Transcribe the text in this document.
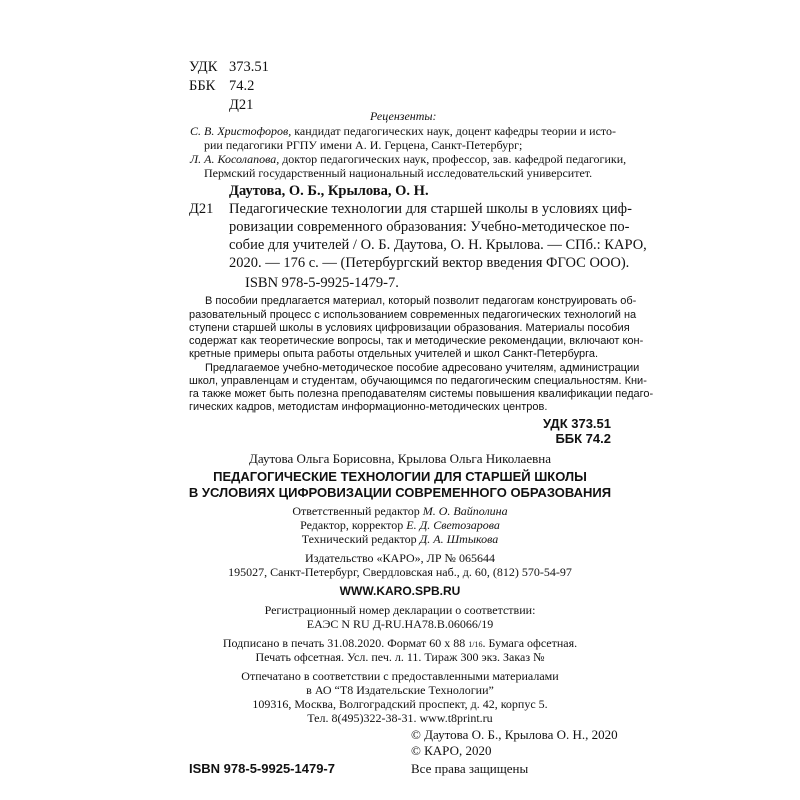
УДК 373.51
ББК 74.2
Д21
Рецензенты:
С. В. Христофоров, кандидат педагогических наук, доцент кафедры теории и исто-
рии педагогики РГПУ имени А. И. Герцена, Санкт-Петербург;
Л. А. Косолапова, доктор педагогических наук, профессор, зав. кафедрой педагогики,
Пермский государственный национальный исследовательский университет.
Даутова, О. Б., Крылова, О. Н.
Д21 Педагогические технологии для старшей школы в условиях циф-
ровизации современного образования: Учебно-методическое по-
собие для учителей / О. Б. Даутова, О. Н. Крылова. — СПб.: КАРО,
2020. — 176 с. — (Петербургский вектор введения ФГОС ООО).
ISBN 978-5-9925-1479-7.
В пособии предлагается материал, который позволит педагогам конструировать об-
разовательный процесс с использованием современных педагогических технологий на
ступени старшей школы в условиях цифровизации образования. Материалы пособия
содержат как теоретические вопросы, так и методические рекомендации, включают кон-
кретные примеры опыта работы отдельных учителей и школ Санкт-Петербурга.
Предлагаемое учебно-методическое пособие адресовано учителям, администрации
школ, управленцам и студентам, обучающимся по педагогическим специальностям. Кни-
га также может быть полезна преподавателям системы повышения квалификации педаго-
гических кадров, методистам информационно-методических центров.
УДК 373.51
ББК 74.2
Даутова Ольга Борисовна, Крылова Ольга Николаевна
ПЕДАГОГИЧЕСКИЕ ТЕХНОЛОГИИ ДЛЯ СТАРШЕЙ ШКОЛЫ
В УСЛОВИЯХ ЦИФРОВИЗАЦИИ СОВРЕМЕННОГО ОБРАЗОВАНИЯ
Ответственный редактор М. О. Вайполина
Редактор, корректор Е. Д. Светозарова
Технический редактор Д. А. Штыкова
Издательство «КАРО», ЛР № 065644
195027, Санкт-Петербург, Свердловская наб., д. 60, (812) 570-54-97
WWW.KARO.SPB.RU
Регистрационный номер декларации о соответствии:
ЕАЭС N RU Д-RU.НА78.В.06066/19
Подписано в печать 31.08.2020. Формат 60 х 88 1/16. Бумага офсетная.
Печать офсетная. Усл. печ. л. 11. Тираж 300 экз. Заказ №
Отпечатано в соответствии с предоставленными материалами
в АО “Т8 Издательские Технологии”
109316, Москва, Волгоградский проспект, д. 42, корпус 5.
Тел. 8(495)322-38-31. www.t8print.ru
© Даутова О. Б., Крылова О. Н., 2020
© КАРО, 2020
ISBN 978-5-9925-1479-7	Все права защищены
